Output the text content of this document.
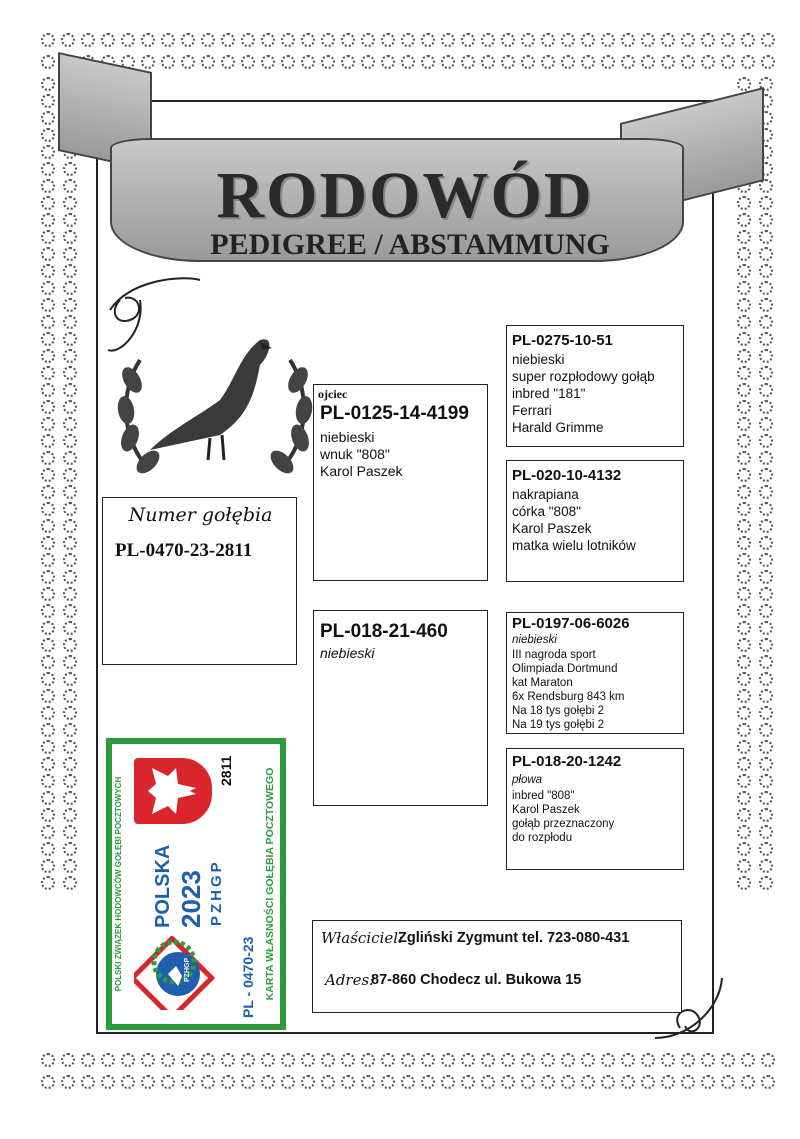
RODOWÓD
PEDIGREE / ABSTAMMUNG
Numer gołębia
PL-0470-23-2811
ojciec
PL-0125-14-4199
niebieski
wnuk "808"
Karol Paszek
PL-018-21-460
niebieski
PL-0275-10-51
niebieski
super rozpłodowy gołąb
inbred "181"
Ferrari
Harald Grimme
PL-020-10-4132
nakrapiana
córka "808"
Karol Paszek
matka wielu lotników
PL-0197-06-6026
niebieski
III nagroda sport
Olimpiada Dortmund
kat Maraton
6x Rendsburg 843 km
Na 18 tys gołębi 2
Na 19 tys gołębi 2
PL-018-20-1242
płowa
inbred "808"
Karol Paszek
gołąb przeznaczony
do rozpłodu
Właściciel:
Zgliński Zygmunt tel. 723-080-431
Adres:
87-860 Chodecz ul. Bukowa 15
POLSKI ZWIĄZEK HODOWCÓW GOŁĘBI POCZTOWYCH	KARTA WŁASNOŚCI GOŁĘBIA POCZTOWEGO
POLSKA 2023 PZHGP
PL - 0470-23
2811
PZHGP
